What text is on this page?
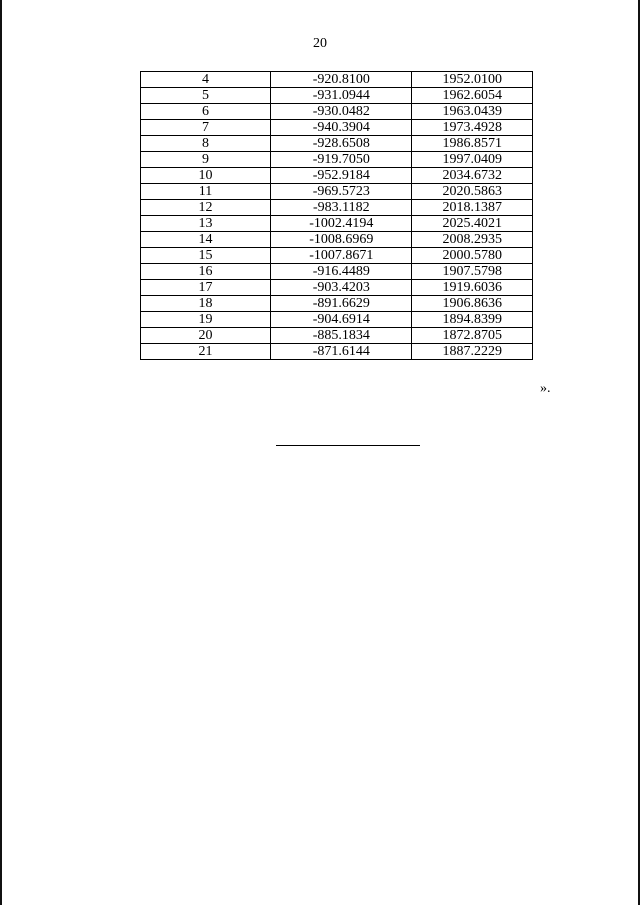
20
4	-920.8100	1952.0100
5	-931.0944	1962.6054
6	-930.0482	1963.0439
7	-940.3904	1973.4928
8	-928.6508	1986.8571
9	-919.7050	1997.0409
10	-952.9184	2034.6732
11	-969.5723	2020.5863
12	-983.1182	2018.1387
13	-1002.4194	2025.4021
14	-1008.6969	2008.2935
15	-1007.8671	2000.5780
16	-916.4489	1907.5798
17	-903.4203	1919.6036
18	-891.6629	1906.8636
19	-904.6914	1894.8399
20	-885.1834	1872.8705
21	-871.6144	1887.2229
».
